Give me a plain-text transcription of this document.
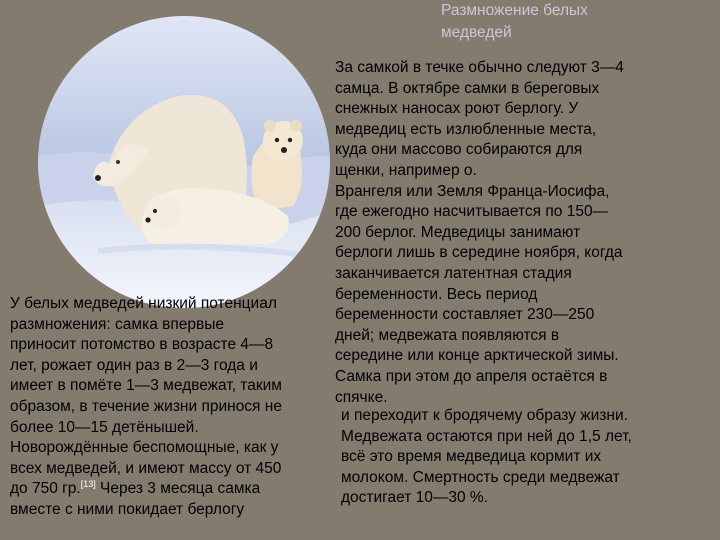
Размножение белых
медведей
За самкой в течке обычно следуют 3—4
самца. В октябре самки в береговых
снежных наносах роют берлогу. У
медведиц есть излюбленные места,
куда они массово собираются для
щенки, например о.
Врангеля или Земля Франца-Иосифа,
где ежегодно насчитывается по 150—
200 берлог. Медведицы занимают
берлоги лишь в середине ноября, когда
заканчивается латентная стадия
беременности. Весь период
беременности составляет 230—250
дней; медвежата появляются в
середине или конце арктической зимы.
Самка при этом до апреля остаётся в
спячке.
У белых медведей низкий потенциал
размножения: самка впервые
приносит потомство в возрасте 4—8
лет, рожает один раз в 2—3 года и
имеет в помёте 1—3 медвежат, таким
образом, в течение жизни принося не
более 10—15 детёнышей.
Новорождённые беспомощные, как у
всех медведей, и имеют массу от 450
до 750 гр.[13] Через 3 месяца самка
вместе с ними покидает берлогу
и переходит к бродячему образу жизни.
Медвежата остаются при ней до 1,5 лет,
всё это время медведица кормит их
молоком. Смертность среди медвежат
достигает 10—30 %.
